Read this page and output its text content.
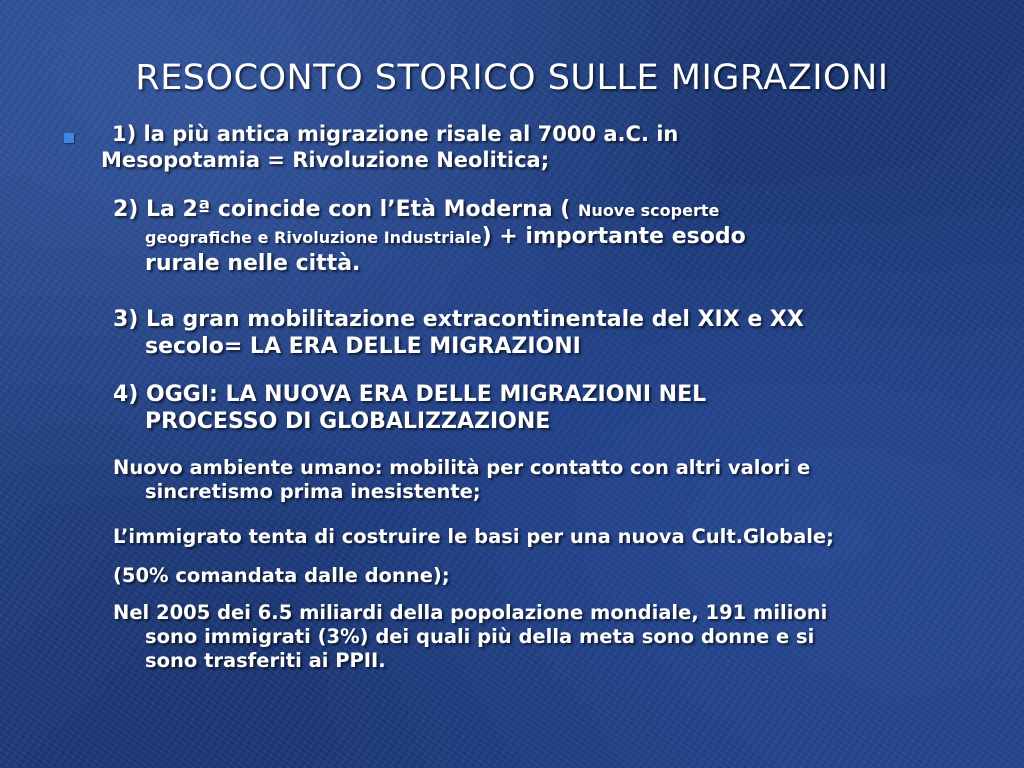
RESOCONTO STORICO SULLE MIGRAZIONI

1) la più antica migrazione risale al 7000 a.C. in
Mesopotamia = Rivoluzione Neolitica;

2) La 2ª coincide con l’Età Moderna ( Nuove scoperte
geografiche e Rivoluzione Industriale) + importante esodo
rurale nelle città.

3) La gran mobilitazione extracontinentale del XIX e XX
secolo= LA ERA DELLE MIGRAZIONI

4) OGGI: LA NUOVA ERA DELLE MIGRAZIONI NEL
PROCESSO DI GLOBALIZZAZIONE

Nuovo ambiente umano: mobilità per contatto con altri valori e
sincretismo prima inesistente;

L’immigrato tenta di costruire le basi per una nuova Cult.Globale;

(50% comandata dalle donne);

Nel 2005 dei 6.5 miliardi della popolazione mondiale, 191 milioni
sono immigrati (3%) dei quali più della meta sono donne e si
sono trasferiti ai PPII.
